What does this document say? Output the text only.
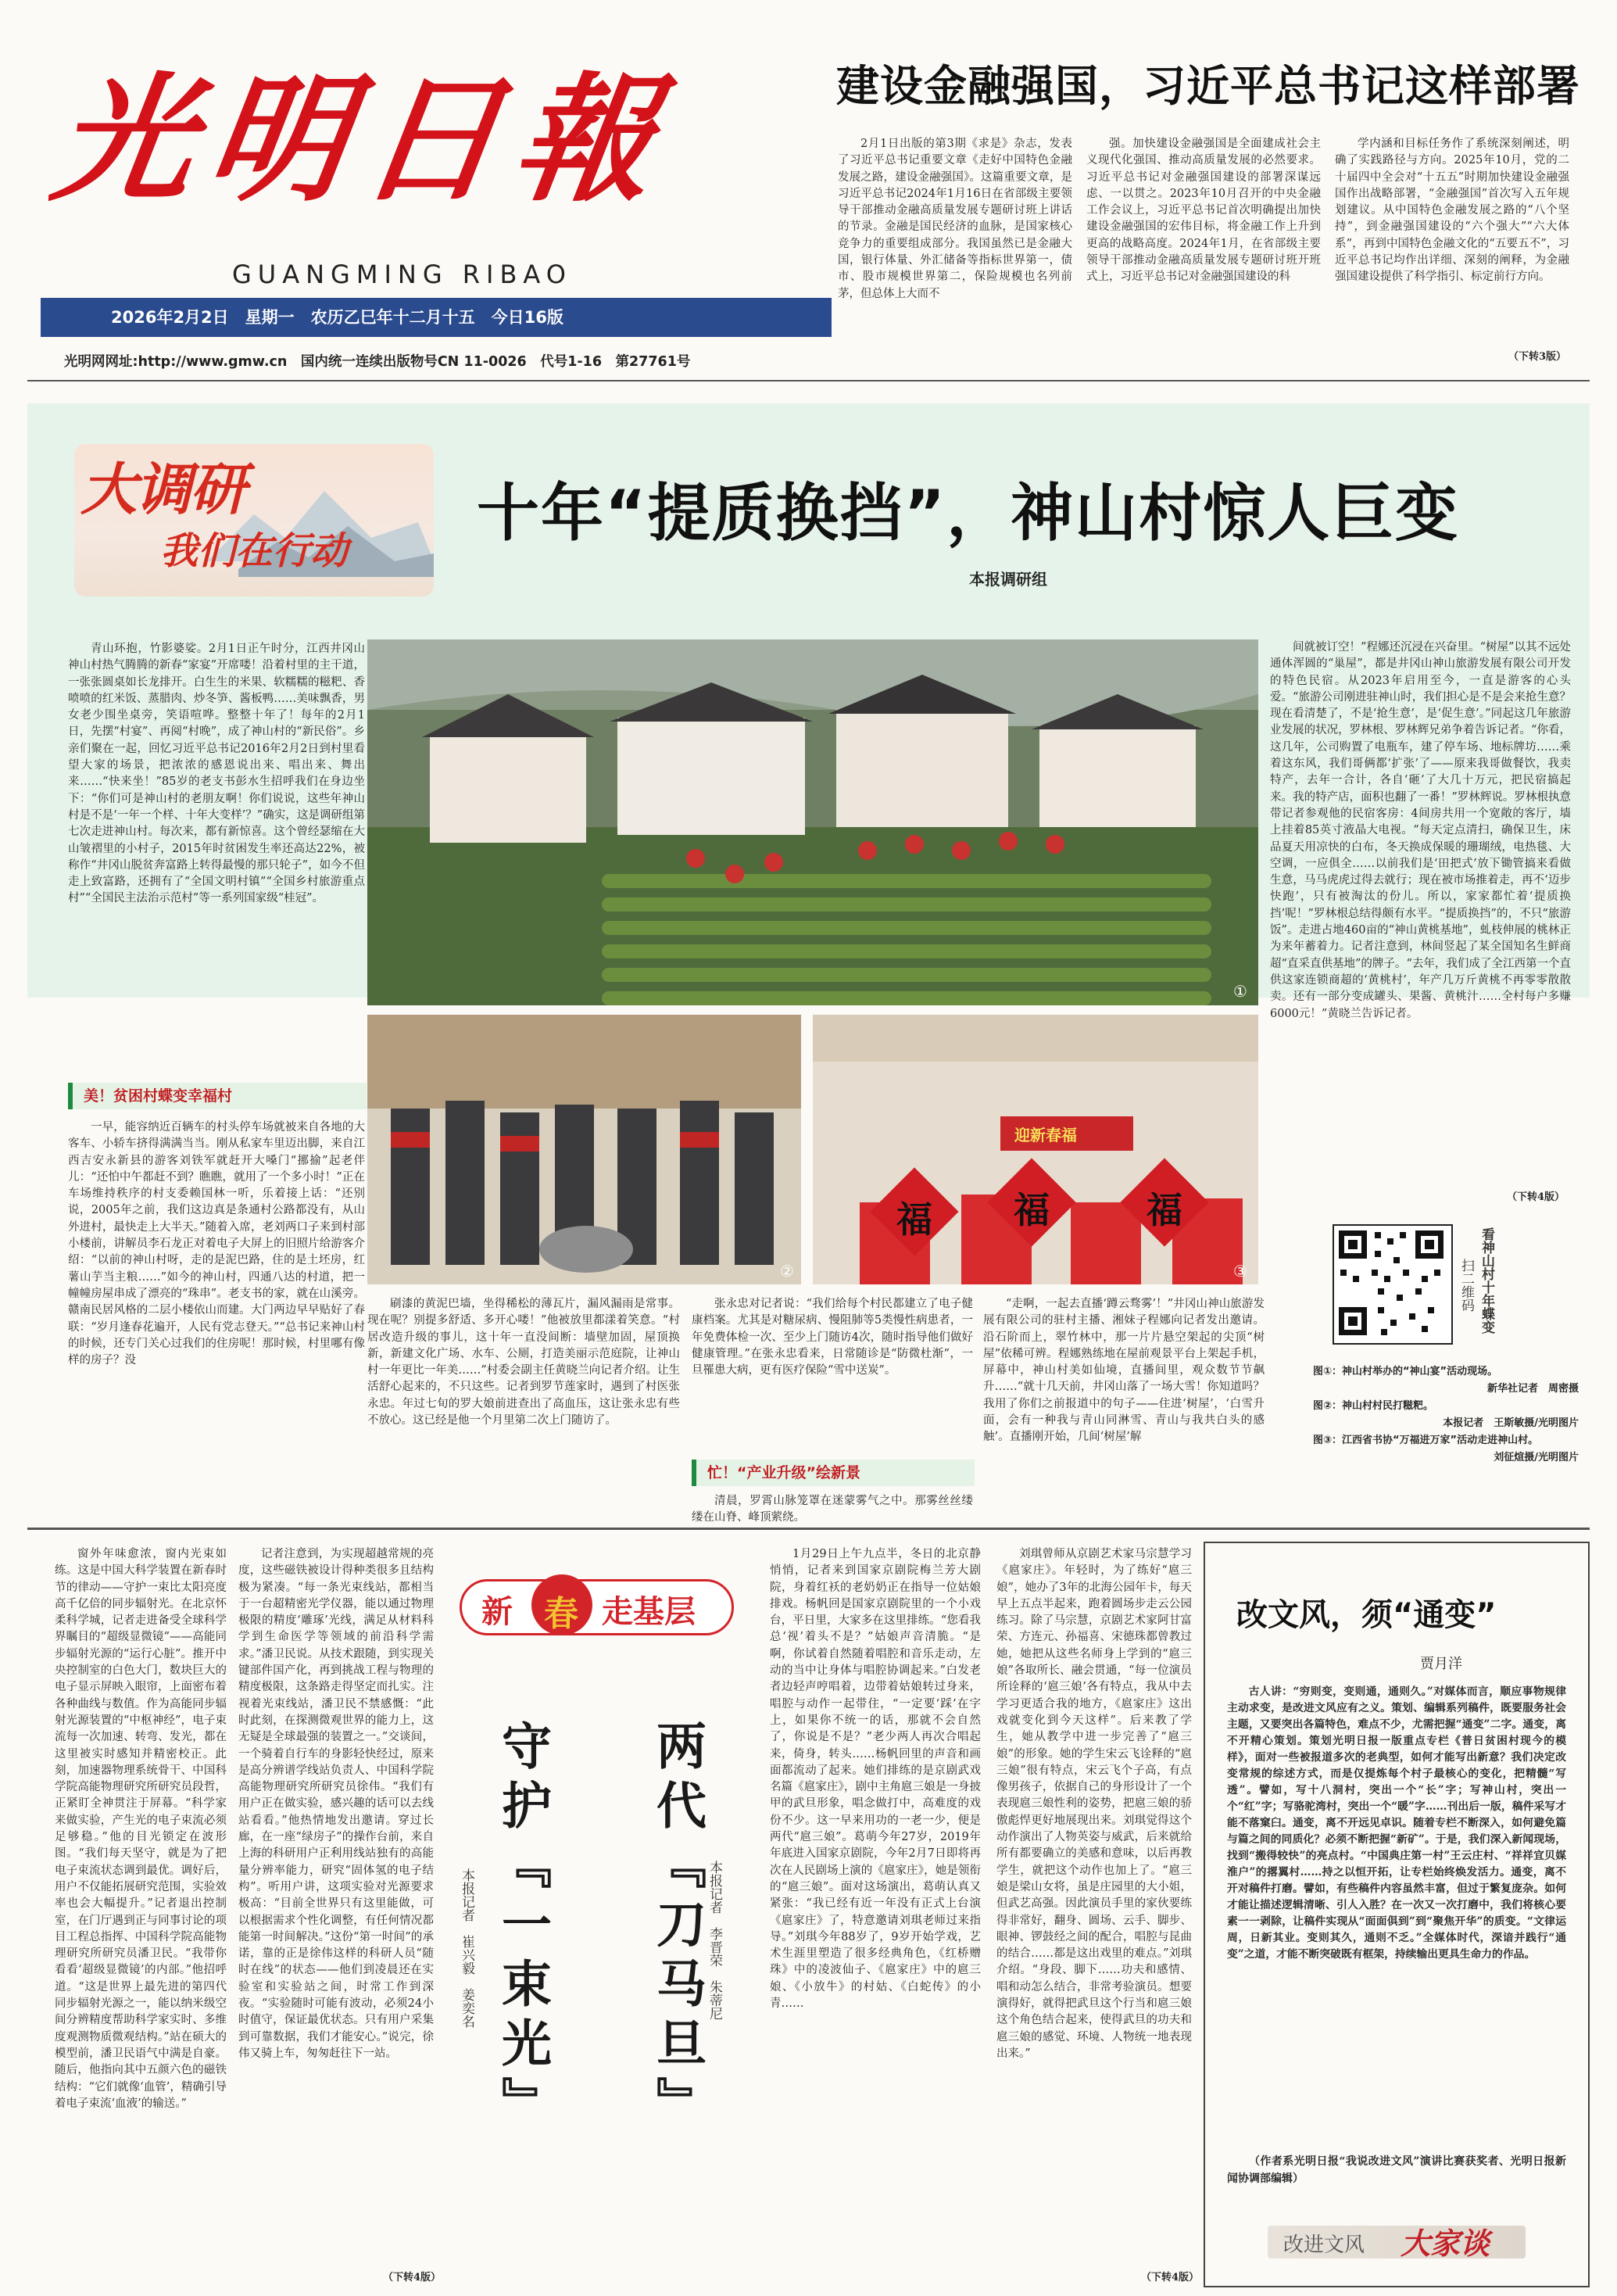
光明日報
GUANGMING RIBAO
2026年2月2日　星期一　农历乙巳年十二月十五　今日16版
光明网网址:http://www.gmw.cn　国内统一连续出版物号CN 11-0026　代号1-16　第27761号
建设金融强国，习近平总书记这样部署

2月1日出版的第3期《求是》杂志，发表了习近平总书记重要文章《走好中国特色金融发展之路，建设金融强国》。这篇重要文章，是习近平总书记2024年1月16日在省部级主要领导干部推动金融高质量发展专题研讨班上讲话的节录。金融是国民经济的血脉，是国家核心竞争力的重要组成部分。我国虽然已是金融大国，银行体量、外汇储备等指标世界第一，债市、股市规模世界第二，保险规模也名列前茅，但总体上大而不

强。加快建设金融强国是全面建成社会主义现代化强国、推动高质量发展的必然要求。习近平总书记对金融强国建设的部署深谋远虑、一以贯之。2023年10月召开的中央金融工作会议上，习近平总书记首次明确提出加快建设金融强国的宏伟目标，将金融工作上升到更高的战略高度。2024年1月，在省部级主要领导干部推动金融高质量发展专题研讨班开班式上，习近平总书记对金融强国建设的科

学内涵和目标任务作了系统深刻阐述，明确了实践路径与方向。2025年10月，党的二十届四中全会对“十五五”时期加快建设金融强国作出战略部署，“金融强国”首次写入五年规划建议。从中国特色金融发展之路的“八个坚持”，到金融强国建设的“六个强大”“六大体系”，再到中国特色金融文化的“五要五不”，习近平总书记均作出详细、深刻的阐释，为金融强国建设提供了科学指引、标定前行方向。

（下转3版）
大调研
我们在行动
十年“提质换挡”，神山村惊人巨变
本报调研组

青山环抱，竹影婆娑。2月1日正午时分，江西井冈山神山村热气腾腾的新春“家宴”开席喽！沿着村里的主干道，一张张圆桌如长龙排开。白生生的米果、软糯糯的糍粑、香喷喷的红米饭、蒸腊肉、炒冬笋、酱板鸭……美味飘香，男女老少围坐桌旁，笑语喧哗。整整十年了！每年的2月1日，先摆“村宴”、再阅“村晚”，成了神山村的“新民俗”。乡亲们聚在一起，回忆习近平总书记2016年2月2日到村里看望大家的场景，把浓浓的感恩说出来、唱出来、舞出来……“快来坐！”85岁的老支书彭水生招呼我们在身边坐下：“你们可是神山村的老朋友啊！你们说说，这些年神山村是不是‘一年一个样、十年大变样’？”确实，这是调研组第七次走进神山村。每次来，都有新惊喜。这个曾经瑟缩在大山皱褶里的小村子，2015年时贫困发生率还高达22%，被称作“井冈山脱贫奔富路上转得最慢的那只轮子”，如今不但走上致富路，还拥有了“全国文明村镇”“全国乡村旅游重点村”“全国民主法治示范村”等一系列国家级“桂冠”。

美！贫困村蝶变幸福村

一早，能容纳近百辆车的村头停车场就被来自各地的大客车、小轿车挤得满满当当。刚从私家车里迈出脚，来自江西吉安永新县的游客刘铁军就赶开大嗓门“挪揄”起老伴儿：“还怕中午都赶不到？瞧瞧，就用了一个多小时！”正在车场维持秩序的村支委赖国林一听，乐着接上话：“还别说，2005年之前，我们这边真是条通村公路都没有，从山外进村，最快走上大半天。”随着入席，老刘两口子来到村部小楼前，讲解员李石龙正对着电子大屏上的旧照片给游客介绍：“以前的神山村呀，走的是泥巴路，住的是土坯房，红薯山芋当主粮……”如今的神山村，四通八达的村道，把一幢幢房屋串成了漂亮的“珠串”。老支书的家，就在山溪旁。赣南民居风格的二层小楼依山而建。大门两边早早贴好了春联：“岁月逢春花遍开，人民有党志登天。”“总书记来神山村的时候，还专门关心过我们的住房呢！那时候，村里哪有像样的房子？没

①
②
迎新春福
福 福	福
③

刷漆的黄泥巴墙，坐得稀松的薄瓦片，漏风漏雨是常事。现在呢？别提多舒适、多开心喽！”他被放里都漾着笑意。“村居改造升级的事儿，这十年一直没间断：墙壁加固，屋顶换新，新建文化广场、水车、公厕，打造美丽示范庭院，让神山村一年更比一年美……”村委会副主任黄晓兰向记者介绍。让生活舒心起来的，不只这些。记者到罗节莲家时，遇到了村医张永忠。年过七旬的罗大娘前进查出了高血压，这让张永忠有些不放心。这已经是他一个月里第二次上门随访了。

张永忠对记者说：“我们给每个村民都建立了电子健康档案。尤其是对糖尿病、慢阻肺等5类慢性病患者，一年免费体检一次、至少上门随访4次，随时指导他们做好健康管理。”在张永忠看来，日常随诊是“防微杜渐”，一旦罹患大病，更有医疗保险“雪中送炭”。

忙！“产业升级”绘新景

清晨，罗霄山脉笼罩在迷蒙雾气之中。那雾丝丝缕缕在山脊、峰顶萦绕。

“走啊，一起去直播‘蹲云骛雾’！”井冈山神山旅游发展有限公司的驻村主播、湘妹子程娜向记者发出邀请。沿石阶而上，翠竹林中，那一片片悬空架起的尖顶“树屋”依稀可辨。程娜熟练地在屋前观景平台上架起手机，屏幕中，神山村美如仙境，直播间里，观众数节节飙升……“就十几天前，井冈山落了一场大雪！你知道吗？我用了你们之前报道中的句子——住进‘树屋’，‘白雪升面，会有一种我与青山同淋雪、青山与我共白头的感触’。直播刚开始，几间‘树屋’解

间就被订空！”程娜还沉浸在兴奋里。“树屋”以其不远处通体浑圆的“巢屋”，都是井冈山神山旅游发展有限公司开发的特色民宿。从2023年启用至今，一直是游客的心头爱。“旅游公司刚进驻神山时，我们担心是不是会来抢生意？现在看清楚了，不是‘抢生意’，是‘促生意’。”同起这几年旅游业发展的状况，罗林根、罗林辉兄弟争着告诉记者。“你看，这几年，公司购置了电瓶车，建了停车场、地标牌坊……乘着这东风，我们哥俩都‘扩张’了——原来我哥做餐饮，我卖特产，去年一合计，各自‘砸’了大几十万元，把民宿搞起来。我的特产店，面积也翻了一番！”罗林辉说。罗林根执意带记者参观他的民宿客房：4间房共用一个宽敞的客厅，墙上挂着85英寸液晶大电视。“每天定点清扫，确保卫生，床品夏天用凉快的白布，冬天换成保暖的珊瑚绒，电热毯、大空调，一应俱全……以前我们是‘田把式’放下锄管搞来看做生意，马马虎虎过得去就行；现在被市场推着走，再不‘迈步快跑’，只有被淘汰的份儿。所以，家家都忙着‘提质换挡’呢！”罗林根总结得颇有水平。“提质换挡”的，不只“旅游饭”。走进占地460亩的“神山黄桃基地”，虬枝伸展的桃林正为来年蓄着力。记者注意到，林间竖起了某全国知名生鲜商超“直采直供基地”的牌子。“去年，我们成了全江西第一个直供这家连锁商超的‘黄桃村’，年产几万斤黄桃不再零零散散卖。还有一部分变成罐头、果酱、黄桃汁……全村每户多赚6000元！”黄晓兰告诉记者。

（下转4版）
看神山村十年蝶变
扫二维码
图①：神山村举办的“神山宴”活动现场。
新华社记者　周密摄
图②：神山村村民打糍粑。
本报记者　王斯敏摄/光明图片
图③：江西省书协“万福进万家”活动走进神山村。
刘征煊摄/光明图片

窗外年味愈浓，窗内光束如练。这是中国大科学装置在新春时节的律动——守护一束比太阳亮度高千亿倍的同步辐射光。在北京怀柔科学城，记者走进备受全球科学界瞩目的“超级显微镜”——高能同步辐射光源的“运行心脏”。推开中央控制室的白色大门，数块巨大的电子显示屏映入眼帘，上面密布着各种曲线与数值。作为高能同步辐射光源装置的“中枢神经”，电子束流每一次加速、转弯、发光，都在这里被实时感知并精密校正。此刻，加速器物理系统骨干、中国科学院高能物理研究所研究员段哲，正紧盯全神贯注于屏幕。“科学家来做实验，产生光的电子束流必须足够稳。”他的目光锁定在波形图。“我们每天坚守，就是为了把电子束流状态调到最优。调好后，用户不仅能拓展研究范围，实验效率也会大幅提升。”记者退出控制室，在门厅遇到正与同事讨论的项目工程总指挥、中国科学院高能物理研究所研究员潘卫民。“我带你看看‘超级显微镜’的内部。”他招呼道。“这是世界上最先进的第四代同步辐射光源之一，能以纳米级空间分辨精度帮助科学家实时、多维度观测物质微观结构。”站在硕大的模型前，潘卫民语气中满是自豪。随后，他指向其中五颜六色的磁铁结构：“它们就像‘血管’，精确引导着电子束流‘血液’的输送。”

记者注意到，为实现超越常规的亮度，这些磁铁被设计得种类很多且结构极为紧凑。“每一条光束线站，都相当于一台超精密光学仪器，能以通过物理极限的精度‘雕琢’光线，满足从材料科学到生命医学等领域的前沿科学需求。”潘卫民说。从技术跟随，到实现关键部件国产化，再到挑战工程与物理的精度极限，这条路走得坚定而扎实。注视着光束线站，潘卫民不禁感慨：“此时此刻，在探测微观世界的能力上，这无疑是全球最强的装置之一。”交谈间，一个骑着自行车的身影轻快经过，原来是高分辨谱学线站负责人、中国科学院高能物理研究所研究员徐伟。“我们有用户正在做实验，感兴趣的话可以去线站看看。”他热情地发出邀请。穿过长廊，在一座“绿房子”的操作台前，来自上海的科研用户正利用线站独有的高能量分辨率能力，研究“固体氢的电子结构”。听用户讲，这项实验对光源要求极高：“目前全世界只有这里能做，可以根据需求个性化调整，有任何情况都能第一时间解决。”这份“第一时间”的承诺，靠的正是徐伟这样的科研人员“随时在线”的状态——他们到凌晨还在实验室和实验站之间，时常工作到深夜。“实验随时可能有波动，必须24小时值守，保证最优状态。只有用户采集到可靠数据，我们才能安心。”说完，徐伟又骑上车，匆匆赶往下一站。

（下转4版）
新 春 走基层
守护『一束光』
本报记者　崔兴毅　姜奕名	两代『刀马旦』 本报记者　李晋荣　朱蒂尼

1月29日上午九点半，冬日的北京静悄悄，记者来到国家京剧院梅兰芳大剧院，身着红袄的老奶奶正在指导一位姑娘排戏。杨帆回是国家京剧院里的一个小戏台，平日里，大家多在这里排练。“您看我总‘视’着头不是？”姑娘声音清脆。“是啊，你试着自然随着唱腔和音乐走动，左动的当中让身体与唱腔协调起来。”白发老者边轻声哼唱着，边带着姑娘转过身来，唱腔与动作一起带住，“一定要‘踩’在字上，如果你不统一的话，那就不会自然了，你说是不是？”老少两人再次合唱起来，倚身，转头……杨帆回里的声音和画面都流动了起来。她们排练的是京剧武戏名篇《扈家庄》，剧中主角扈三娘是一身披甲的武旦形象，唱念做打中，高难度的戏份不少。这一早来用功的一老一少，便是两代“扈三娘”。葛萌今年27岁，2019年年底进入国家京剧院，今年2月7日即将再次在人民剧场上演的《扈家庄》，她是领衔的“扈三娘”。面对这场演出，葛萌认真又紧张：“我已经有近一年没有正式上台演《扈家庄》了，特意邀请刘琪老师过来指导。”刘琪今年88岁了，9岁开始学戏，艺术生涯里塑造了很多经典角色，《红桥赠珠》中的凌波仙子、《扈家庄》中的扈三娘、《小放牛》的村姑、《白蛇传》的小青……

刘琪曾师从京剧艺术家马宗慧学习《扈家庄》。年轻时，为了练好“扈三娘”，她办了3年的北海公园年卡，每天早上五点半起来，跑着圆场步走云公园练习。除了马宗慧，京剧艺术家阿甘富荣、方连元、孙福喜、宋德珠都曾教过她，她把从这些名师身上学到的“扈三娘”各取所长、融会贯通，“每一位演员所诠释的‘扈三娘’各有特点，我从中去学习更适合我的地方，《扈家庄》这出戏就变化到今天这样”。后来教了学生，她从教学中进一步完善了“扈三娘”的形象。她的学生宋云飞诠释的“扈三娘”很有特点，宋云飞个子高，有点像男孩子，依据自己的身形设计了一个表现扈三娘性利的姿势，把扈三娘的骄傲彪悍更好地展现出来。刘琪觉得这个动作演出了人物英姿与威武，后来就给所有都要确立的美感和意味，以后再教学生，就把这个动作也加上了。“扈三娘是梁山女将，虽是庄园里的大小姐，但武艺高强。因此演员手里的家伙要练得非常好，翻身、圆场、云手、脚步、眼神、锣鼓经之间的配合，唱腔与昆曲的结合……都是这出戏里的难点。”刘琪介绍。“身段、脚下……功夫和感情、唱和动怎么结合，非常考验演员。想要演得好，就得把武旦这个行当和扈三娘这个角色结合起来，使得武旦的功夫和扈三娘的感觉、环境、人物统一地表现出来。”

（下转4版）
改文风，须“通变”
贾月洋

古人讲：“穷则变，变则通，通则久。”对媒体而言，顺应事物规律主动求变，是改进文风应有之义。策划、编辑系列稿件，既要服务社会主题，又要突出各篇特色，难点不少，尤需把握“通变”二字。通变，离不开精心策划。策划光明日报一版重点专栏《普日贫困村现今的模样》，面对一些被报道多次的老典型，如何才能写出新意？我们决定改变常规的综述方式，而是仅提炼每个村子最核心的变化，把精髓“写透”。譬如，写十八洞村，突出一个“长”字；写神山村，突出一个“红”字；写骆驼湾村，突出一个“暖”字……刊出后一版，稿件采写才能不落窠臼。通变，离不开远见卓识。随着专栏不断深入，如何避免篇与篇之间的同质化？必须不断把握“新矿”。于是，我们深入新闻现场，找到“搬得较快”的亮点村。“中国典庄第一村”王云庄村、“祥祥宜贝媒淮户”的撂翼村……持之以恒开拓，让专栏始终焕发活力。通变，离不开对稿件打磨。譬如，有些稿件内容虽然丰富，但过于繁复庞杂。如何才能让描述逻辑清晰、引人入胜？在一次又一次打磨中，我们将核心要素一一剥除，让稿件实现从“面面俱到”到“聚焦开华”的质变。“文律运周，日新其业。变则其久，通则不乏。”全媒体时代，深谙并践行“通变”之道，才能不断突破既有框架，持续输出更具生命力的作品。

（作者系光明日报“我说改进文风”演讲比赛获奖者、光明日报新闻协调部编辑）

改进文风 大家谈
